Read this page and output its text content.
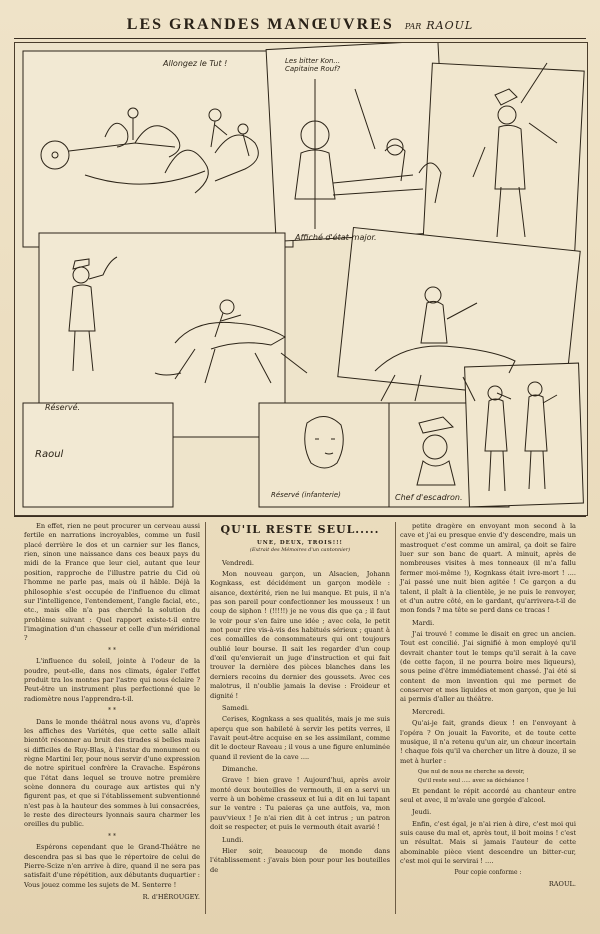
LES GRANDES MANŒUVRES PAR RAOUL
Allongez le Tut !	Les bitter Kon... Capitaine Rouf?
Affiché d'état-major.
Réservé.
Raoul
Réservé (infanterie)	Chef d'escadron.

En effet, rien ne peut procurer un cerveau aussi fertile en narrations incroyables, comme un fusil placé derrière le dos et un carnier sur les flancs, rien, sinon une naissance dans ces beaux pays du midi de la France que leur ciel, autant que leur position, rapproche de l'illustre patrie du Cid où l'homme ne parle pas, mais où il hâble. Déjà la philosophie s'est occupée de l'influence du climat sur l'intelligence, l'entendement, l'angle facial, etc., etc., mais elle n'a pas cherché la solution du problème suivant : Quel rapport existe-t-il entre l'imagination d'un chasseur et celle d'un méridional ?

* *

L'influence du soleil, jointe à l'odeur de la poudre, peut-elle, dans nos climats, égaler l'effet produit tra los montes par l'astre qui nous éclaire ? Peut-être un instrument plus perfectionné que le radiomètre nous l'apprendra-t-il.

* *

Dans le monde théâtral nous avons vu, d'après les affiches des Variétés, que cette salle allait bientôt résonner au bruit des tirades si belles mais si difficiles de Ruy-Blas, à l'instar du monument ou règne Martini Ier, pour nous servir d'une expression de notre spirituel confrère la Cravache. Espérons que l'état dans lequel se trouve notre première scène donnera du courage aux artistes qui n'y figurent pas, et que si l'établissement subventionné n'est pas à la hauteur des sommes à lui consacrées, le reste des directeurs lyonnais saura charmer les oreilles du public.

* *

Espérons cependant que le Grand-Théâtre ne descendra pas si bas que le répertoire de celui de Pierre-Scize n'en arrive à dire, quand il ne sera pas satisfait d'une répétition, aux débutants duquartier : Vous jouez comme les sujets de M. Senterre !

R. d'HÉROUGEY.
QU'IL RESTE SEUL.....
UNE, DEUX, TROIS!!!
(Extrait des Mémoires d'un cantonnier)
Vendredi.

Mon nouveau garçon, un Alsacien, Johann Kognkass, est décidément un garçon modèle : aisance, dextérité, rien ne lui manque. Et puis, il n'a pas son pareil pour confectionner les mousseux ! un coup de siphon ! (!!!!!) je ne vous dis que ça ; il faut le voir pour s'en faire une idée ; avec cela, le petit mot pour rire vis-à-vis des habitués sérieux ; quant à ces comaïlles de consommateurs qui ont toujours oublié leur bourse. Il sait les regarder d'un coup d'œil qu'envierait un juge d'instruction et qui fait trouver la dernière des pièces blanches dans les derniers recoins du dernier des goussets. Avec ces malotrus, il n'oublie jamais la devise : Froideur et dignité !

Samedi.

Cerises, Kognkass a ses qualités, mais je me suis aperçu que son habileté à servir les petits verres, il l'avait peut-être acquise en se les assimilant, comme dit le docteur Raveau ; il vous a une figure enluminée quand il revient de la cave ....

Dimanche.

Grave ! bien grave ! Aujourd'hui, après avoir monté deux bouteilles de vermouth, il en a servi un verre à un bohème crasseux et lui a dit en lui tapant sur le ventre : Tu paieras ça une autfois, va, mon pauv'vieux ! Je n'ai rien dit à cet intrus ; un patron doit se respecter, et puis le vermouth était avarié !

Lundi.

Hier soir, beaucoup de monde dans l'établissement : j'avais bien pour pour les bouteilles de

petite dragère en envoyant mon second à la cave et j'ai eu presque envie d'y descendre, mais un mastroquet c'est comme un amiral, ça doit se faire luer sur son banc de quart. A minuit, après de nombreuses visites à mes tonneaux (il m'a fallu fermer moi-même !), Kognkass était ivre-mort ! .... J'ai passé une nuit bien agitée ! Ce garçon a du talent, il plaît à la clientèle, je ne puis le renvoyer, et d'un autre côté, en le gardant, qu'arrivera-t-il de mon fonds ? ma tête se perd dans ce tracas !

Mardi.

J'ai trouvé ! comme le disait en grec un ancien. Tout est concilié. J'ai signifié à mon employé qu'il devrait chanter tout le temps qu'il serait à la cave (de cette façon, il ne pourra boire mes liqueurs), sous peine d'être immédiatement chassé. J'ai été si content de mon invention qui me permet de conserver et mes liquides et mon garçon, que je lui ai permis d'aller au théâtre.

Mercredi.

Qu'ai-je fait, grands dieux ! en l'envoyant à l'opéra ? On jouait la Favorite, et de toute cette musique, il n'a retenu qu'un air, un chœur incertain ! chaque fois qu'il va chercher un litre à douze, il se met à hurler :

Que nul de nous ne cherche sa devoir,
Qu'il reste seul ..... avec sa déchéance !

Et pendant le répit accordé au chanteur entre seul et avec, il m'avale une gorgée d'alcool.

Jeudi.

Enfin, c'est égal, je n'ai rien à dire, c'est moi qui suis cause du mal et, après tout, il boit moins ! c'est un résultat. Mais si jamais l'auteur de cette abominable pièce vient descendre un bitter-cur, c'est moi qui le servirai ! ....

Pour copie conforme :
RAOUL.
